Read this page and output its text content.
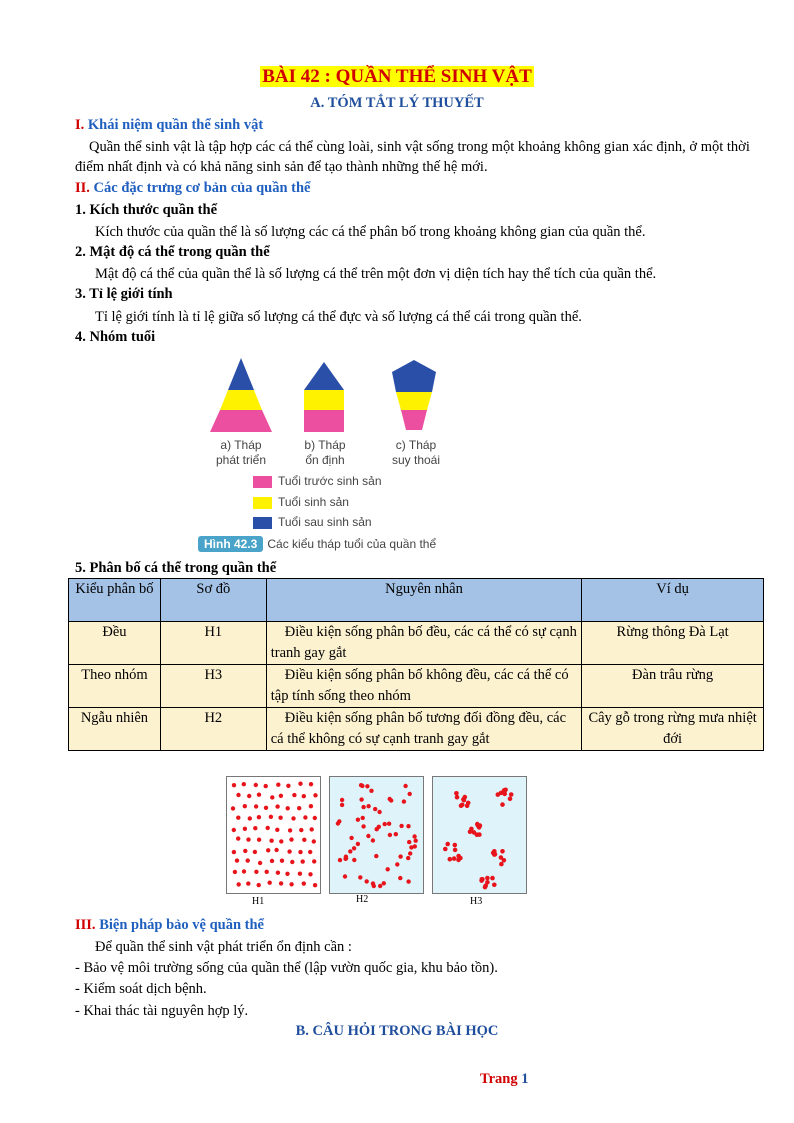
BÀI 42 : QUẦN THỂ SINH VẬT
A. TÓM TẮT LÝ THUYẾT
I. Khái niệm quần thể sinh vật
Quần thể sinh vật là tập hợp các cá thể cùng loài, sinh vật sống trong một khoảng không gian xác định, ở một thời điểm nhất định và có khả năng sinh sản để tạo thành những thế hệ mới.
II. Các đặc trưng cơ bản của quần thể
1. Kích thước quần thể
Kích thước của quần thể là số lượng các cá thể phân bố trong khoảng không gian của quần thể.
2. Mật độ cá thể trong quần thể
Mật độ cá thể của quần thể là số lượng cá thể trên một đơn vị diện tích hay thể tích của quần thể.
3. Tỉ lệ giới tính
Tỉ lệ giới tính là tỉ lệ giữa số lượng cá thể đực và số lượng cá thể cái trong quần thể.
4. Nhóm tuổi
a) Tháp
phát triển
b) Tháp
ổn định
c) Tháp
suy thoái
Tuổi trước sinh sản
Tuổi sinh sản
Tuổi sau sinh sản
Hình 42.3 Các kiểu tháp tuổi của quần thể
5. Phân bố cá thể trong quần thể
Kiểu phân bố	Sơ đồ	Nguyên nhân	Ví dụ
Đều	H1	Điều kiện sống phân bố đều, các cá thể có sự cạnh tranh gay gắt	Rừng thông Đà Lạt
Theo nhóm	H3	Điều kiện sống phân bố không đều, các cá thể có tập tính sống theo nhóm	Đàn trâu rừng
Ngẫu nhiên	H2	Điều kiện sống phân bố tương đối đồng đều, các cá thể không có sự cạnh tranh gay gắt	Cây gỗ trong rừng mưa nhiệt đới
H1	H2	H3
III. Biện pháp bảo vệ quần thể
Để quần thể sinh vật phát triển ổn định cần :
- Bảo vệ môi trường sống của quần thể (lập vườn quốc gia, khu bảo tồn).
- Kiểm soát dịch bệnh.
- Khai thác tài nguyên hợp lý.
B. CÂU HỎI TRONG BÀI HỌC
Trang 1
